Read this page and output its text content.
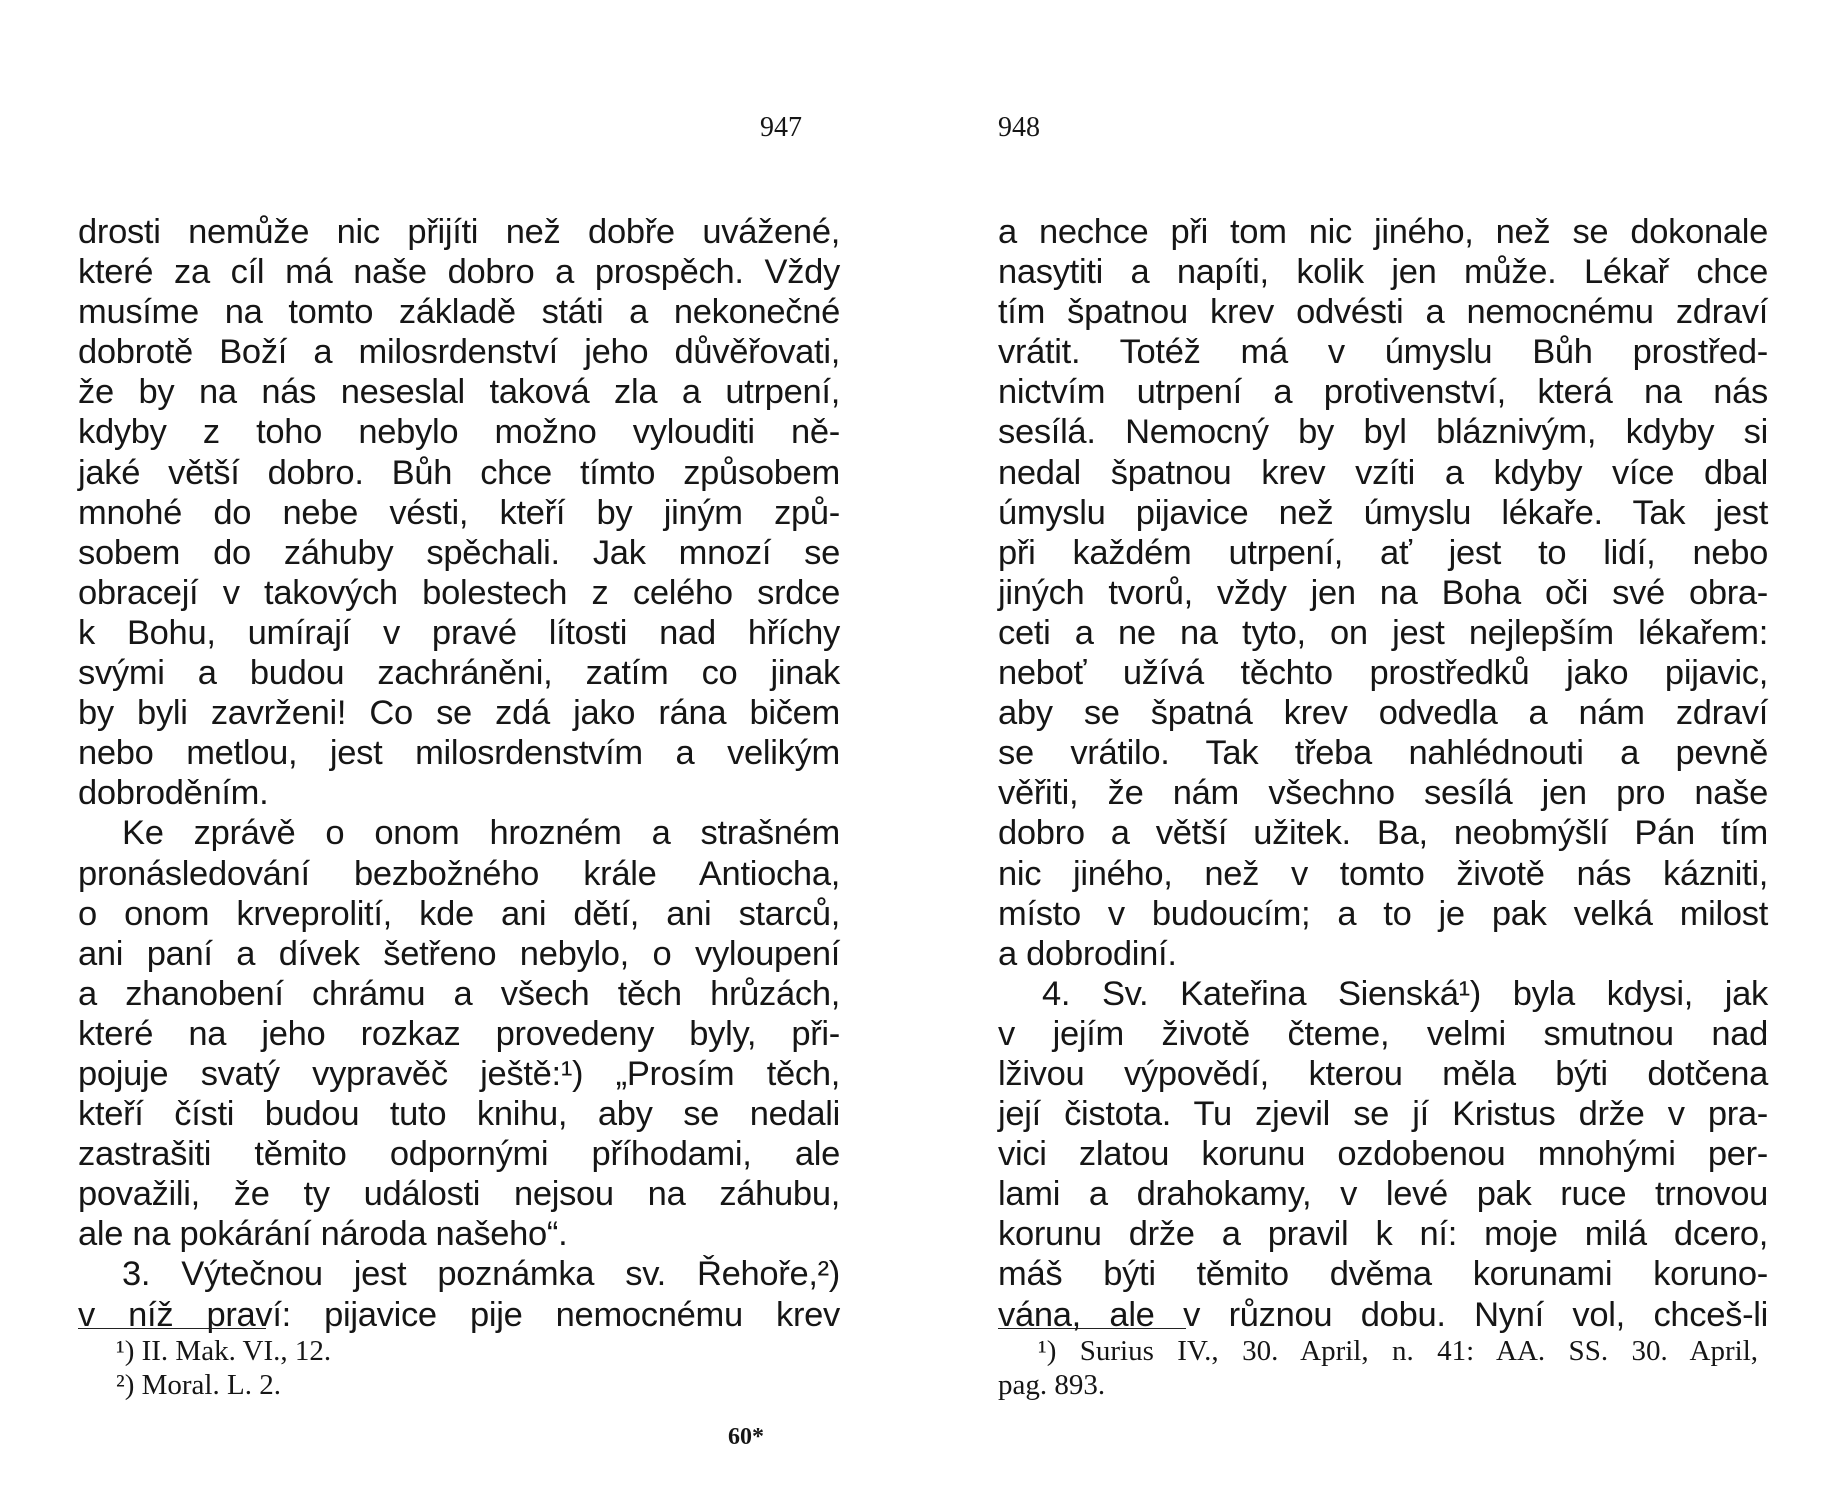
947	948
drosti nemůže nic přijíti než dobře uvážené,
které za cíl má naše dobro a prospěch. Vždy
musíme na tomto základě státi a nekonečné
dobrotě Boží a milosrdenství jeho důvěřovati,
že by na nás neseslal taková zla a utrpení,
kdyby z toho nebylo možno vylouditi ně-
jaké větší dobro. Bůh chce tímto způsobem
mnohé do nebe vésti, kteří by jiným způ-
sobem do záhuby spěchali. Jak mnozí se
obracejí v takových bolestech z celého srdce
k Bohu, umírají v pravé lítosti nad hříchy
svými a budou zachráněni, zatím co jinak
by byli zavrženi! Co se zdá jako rána bičem
nebo metlou, jest milosrdenstvím a velikým
dobroděním.
Ke zprávě o onom hrozném a strašném
pronásledování bezbožného krále Antiocha,
o onom krveprolití, kde ani dětí, ani starců,
ani paní a dívek šetřeno nebylo, o vyloupení
a zhanobení chrámu a všech těch hrůzách,
které na jeho rozkaz provedeny byly, při-
pojuje svatý vypravěč ještě:¹) „Prosím těch,
kteří čísti budou tuto knihu, aby se nedali
zastrašiti těmito odpornými příhodami, ale
považili, že ty události nejsou na záhubu,
ale na pokárání národa našeho“.
3. Výtečnou jest poznámka sv. Řehoře,²)
v níž praví: pijavice pije nemocnému krev
a nechce při tom nic jiného, než se dokonale
nasytiti a napíti, kolik jen může. Lékař chce
tím špatnou krev odvésti a nemocnému zdraví
vrátit. Totéž má v úmyslu Bůh prostřed-
nictvím utrpení a protivenství, která na nás
sesílá. Nemocný by byl bláznivým, kdyby si
nedal špatnou krev vzíti a kdyby více dbal
úmyslu pijavice než úmyslu lékaře. Tak jest
při každém utrpení, ať jest to lidí, nebo
jiných tvorů, vždy jen na Boha oči své obra-
ceti a ne na tyto, on jest nejlepším lékařem:
neboť užívá těchto prostředků jako pijavic,
aby se špatná krev odvedla a nám zdraví
se vrátilo. Tak třeba nahlédnouti a pevně
věřiti, že nám všechno sesílá jen pro naše
dobro a větší užitek. Ba, neobmýšlí Pán tím
nic jiného, než v tomto životě nás kázniti,
místo v budoucím; a to je pak velká milost
a dobrodiní.
4. Sv. Kateřina Sienská¹) byla kdysi, jak
v jejím životě čteme, velmi smutnou nad
lživou výpovědí, kterou měla býti dotčena
její čistota. Tu zjevil se jí Kristus drže v pra-
vici zlatou korunu ozdobenou mnohými per-
lami a drahokamy, v levé pak ruce trnovou
korunu drže a pravil k ní: moje milá dcero,
máš býti těmito dvěma korunami koruno-
vána, ale v různou dobu. Nyní vol, chceš-li
¹) II. Mak. VI., 12.
²) Moral. L. 2.
¹) Surius IV., 30. April, n. 41: AA. SS. 30. April,
pag. 893.
60*
